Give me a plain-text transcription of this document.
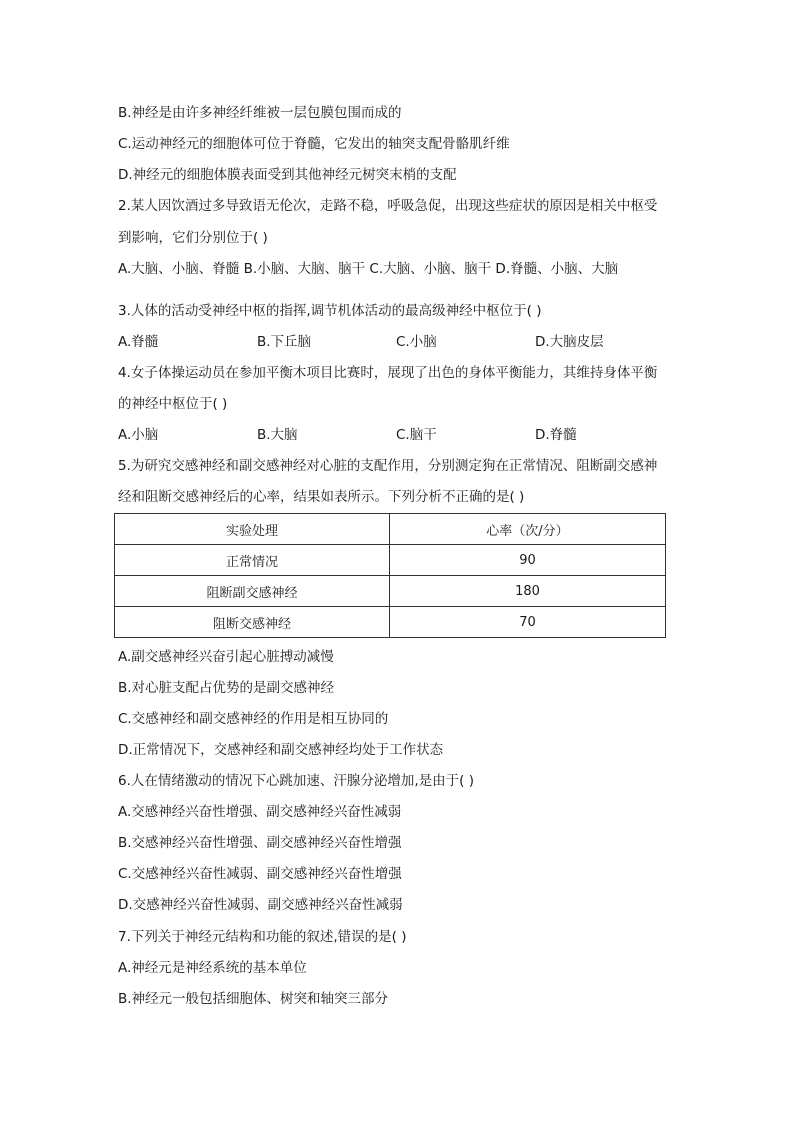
B.神经是由许多神经纤维被一层包膜包围而成的
C.运动神经元的细胞体可位于脊髓，它发出的轴突支配骨骼肌纤维
D.神经元的细胞体膜表面受到其他神经元树突末梢的支配
2.某人因饮酒过多导致语无伦次，走路不稳，呼吸急促，出现这些症状的原因是相关中枢受
到影响，它们分别位于( )
A.大脑、小脑、脊髓 B.小脑、大脑、脑干 C.大脑、小脑、脑干 D.脊髓、小脑、大脑
3.人体的活动受神经中枢的指挥,调节机体活动的最高级神经中枢位于( )
A.脊髓	B.下丘脑	C.小脑	D.大脑皮层
4.女子体操运动员在参加平衡木项目比赛时，展现了出色的身体平衡能力，其维持身体平衡
的神经中枢位于( )
A.小脑	B.大脑	C.脑干	D.脊髓
5.为研究交感神经和副交感神经对心脏的支配作用，分别测定狗在正常情况、阻断副交感神
经和阻断交感神经后的心率，结果如表所示。下列分析不正确的是( )
实验处理	心率（次/分）
正常情况	90
阻断副交感神经	180
阻断交感神经	70
A.副交感神经兴奋引起心脏搏动减慢
B.对心脏支配占优势的是副交感神经
C.交感神经和副交感神经的作用是相互协同的
D.正常情况下，交感神经和副交感神经均处于工作状态
6.人在情绪激动的情况下心跳加速、汗腺分泌增加,是由于( )
A.交感神经兴奋性增强、副交感神经兴奋性减弱
B.交感神经兴奋性增强、副交感神经兴奋性增强
C.交感神经兴奋性减弱、副交感神经兴奋性增强
D.交感神经兴奋性减弱、副交感神经兴奋性减弱
7.下列关于神经元结构和功能的叙述,错误的是( )
A.神经元是神经系统的基本单位
B.神经元一般包括细胞体、树突和轴突三部分
